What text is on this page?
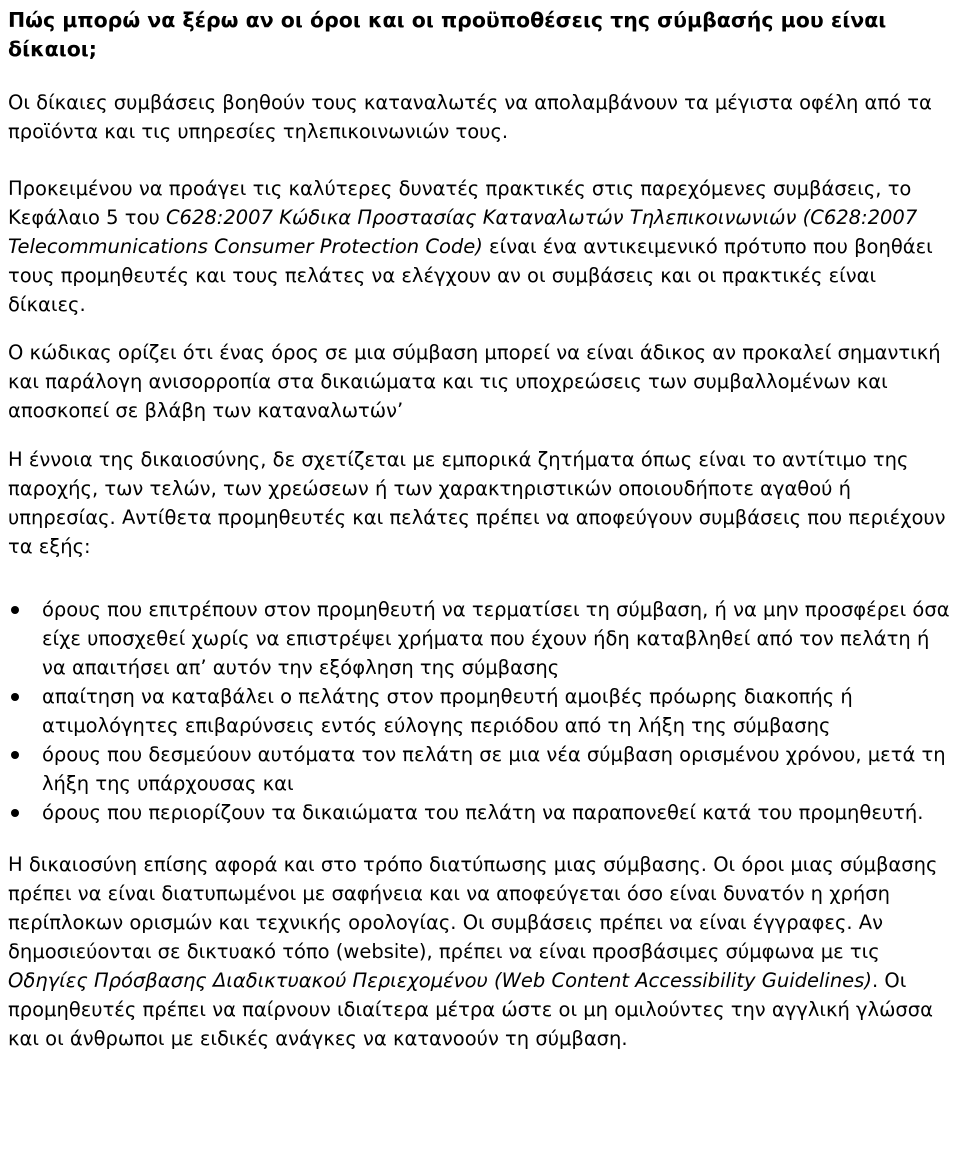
Πώς μπορώ να ξέρω αν οι όροι και οι προϋποθέσεις της σύμβασής μου είναι δίκαιοι;

Οι δίκαιες συμβάσεις βοηθούν τους καταναλωτές να απολαμβάνουν τα μέγιστα οφέλη από τα προϊόντα και τις υπηρεσίες τηλεπικοινωνιών τους.

Προκειμένου να προάγει τις καλύτερες δυνατές πρακτικές στις παρεχόμενες συμβάσεις, το Κεφάλαιο 5 του C628:2007 Κώδικα Προστασίας Καταναλωτών Τηλεπικοινωνιών (C628:2007 Telecommunications Consumer Protection Code) είναι ένα αντικειμενικό πρότυπο που βοηθάει τους προμηθευτές και τους πελάτες να ελέγχουν αν οι συμβάσεις και οι πρακτικές είναι δίκαιες.

Ο κώδικας ορίζει ότι ένας όρος σε μια σύμβαση μπορεί να είναι άδικος αν προκαλεί σημαντική και παράλογη ανισορροπία στα δικαιώματα και τις υποχρεώσεις των συμβαλλομένων και αποσκοπεί σε βλάβη των καταναλωτών’

Η έννοια της δικαιοσύνης, δε σχετίζεται με εμπορικά ζητήματα όπως είναι το αντίτιμο της παροχής, των τελών, των χρεώσεων ή των χαρακτηριστικών οποιουδήποτε αγαθού ή υπηρεσίας. Αντίθετα προμηθευτές και πελάτες πρέπει να αποφεύγουν συμβάσεις που περιέχουν τα εξής:

όρους που επιτρέπουν στον προμηθευτή να τερματίσει τη σύμβαση, ή να μην προσφέρει όσα είχε υποσχεθεί χωρίς να επιστρέψει χρήματα που έχουν ήδη καταβληθεί από τον πελάτη ή να απαιτήσει απ’ αυτόν την εξόφληση της σύμβασης
απαίτηση να καταβάλει ο πελάτης στον προμηθευτή αμοιβές πρόωρης διακοπής ή ατιμολόγητες επιβαρύνσεις εντός εύλογης περιόδου από τη λήξη της σύμβασης
όρους που δεσμεύουν αυτόματα τον πελάτη σε μια νέα σύμβαση ορισμένου χρόνου, μετά τη λήξη της υπάρχουσας και
όρους που περιορίζουν τα δικαιώματα του πελάτη να παραπονεθεί κατά του προμηθευτή.

Η δικαιοσύνη επίσης αφορά και στο τρόπο διατύπωσης μιας σύμβασης. Οι όροι μιας σύμβασης πρέπει να είναι διατυπωμένοι με σαφήνεια και να αποφεύγεται όσο είναι δυνατόν η χρήση περίπλοκων ορισμών και τεχνικής ορολογίας. Οι συμβάσεις πρέπει να είναι έγγραφες. Αν δημοσιεύονται σε δικτυακό τόπο (website), πρέπει να είναι προσβάσιμες σύμφωνα με τις Οδηγίες Πρόσβασης Διαδικτυακού Περιεχομένου (Web Content Accessibility Guidelines). Οι προμηθευτές πρέπει να παίρνουν ιδιαίτερα μέτρα ώστε οι μη ομιλούντες την αγγλική γλώσσα και οι άνθρωποι με ειδικές ανάγκες να κατανοούν τη σύμβαση.
